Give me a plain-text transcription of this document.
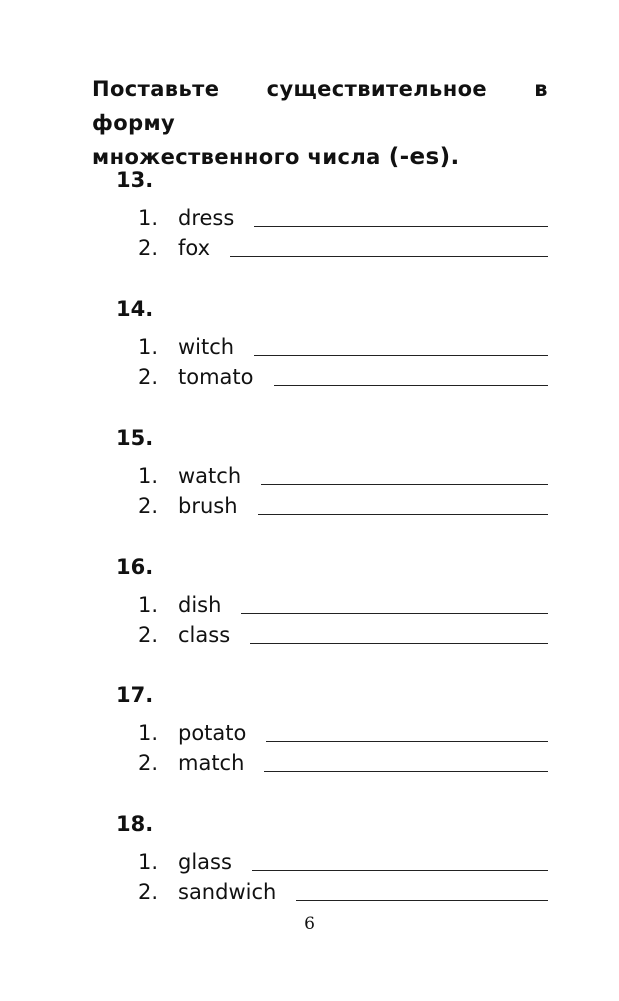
Поставьте существительное в форму
множественного числа (-es).
13.
1. dress
2. fox
14.
1. witch
2. tomato
15.
1. watch
2. brush
16.
1. dish
2. class
17.
1. potato
2. match
18.
1. glass
2. sandwich
6
